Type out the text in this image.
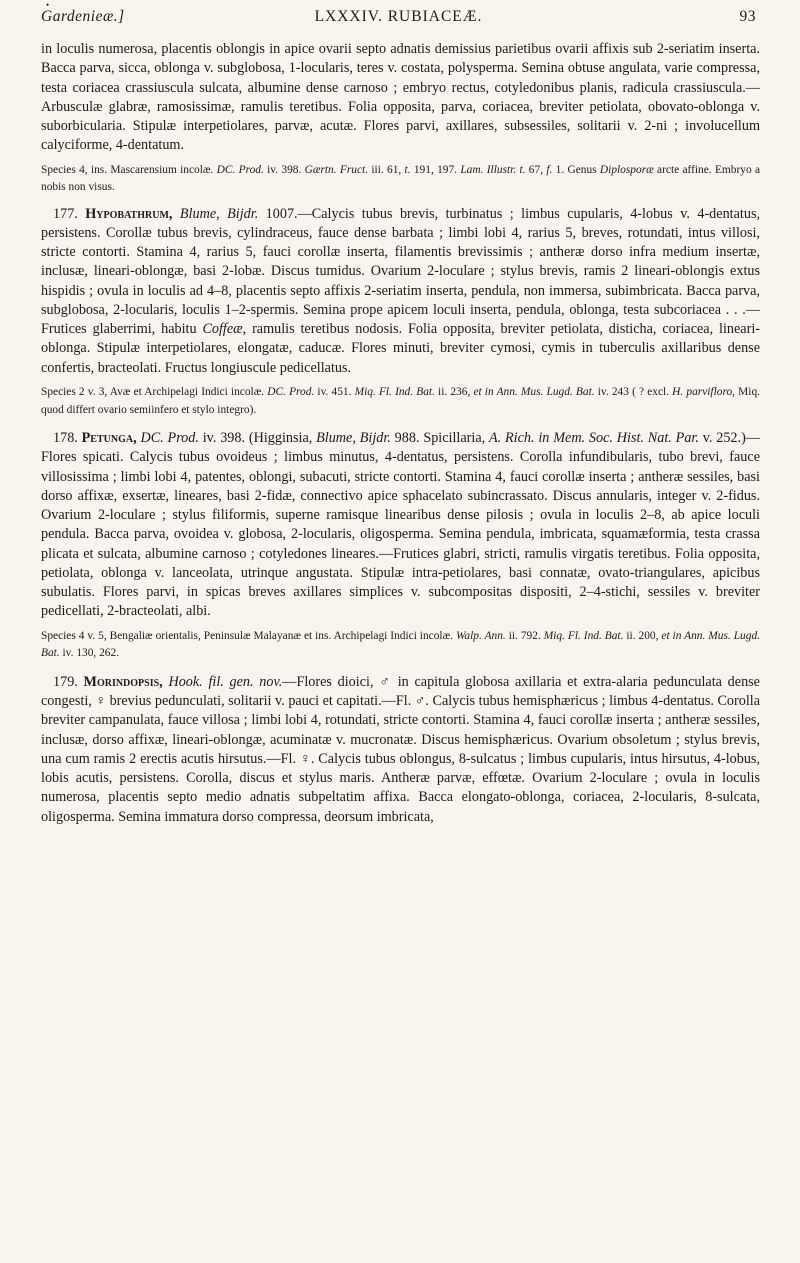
•
Gardenieæ.]	LXXXIV. RUBIACEÆ.	93

in loculis numerosa, placentis oblongis in apice ovarii septo adnatis demissius parietibus ovarii affixis sub 2-seriatim inserta. Bacca parva, sicca, oblonga v. subglobosa, 1-locularis, teres v. costata, polysperma. Semina obtuse angulata, varie compressa, testa coriacea crassiuscula sulcata, albumine dense carnoso ; embryo rectus, cotyledonibus planis, radicula crassiuscula.—Arbusculæ glabræ, ramosissimæ, ramulis teretibus. Folia opposita, parva, coriacea, breviter petiolata, obovato-oblonga v. suborbicularia. Stipulæ interpetiolares, parvæ, acutæ. Flores parvi, axillares, subsessiles, solitarii v. 2-ni ; involucellum calyciforme, 4-dentatum.

Species 4, ins. Mascarensium incolæ. DC. Prod. iv. 398. Gærtn. Fruct. iii. 61, t. 191, 197. Lam. Illustr. t. 67, f. 1. Genus Diplosporæ arcte affine. Embryo a nobis non visus.

177. Hypobathrum, Blume, Bijdr. 1007.—Calycis tubus brevis, turbinatus ; limbus cupularis, 4-lobus v. 4-dentatus, persistens. Corollæ tubus brevis, cylindraceus, fauce dense barbata ; limbi lobi 4, rarius 5, breves, rotundati, intus villosi, stricte contorti. Stamina 4, rarius 5, fauci corollæ inserta, filamentis brevissimis ; antheræ dorso infra medium insertæ, inclusæ, lineari-oblongæ, basi 2-lobæ. Discus tumidus. Ovarium 2-loculare ; stylus brevis, ramis 2 lineari-oblongis extus hispidis ; ovula in loculis ad 4–8, placentis septo affixis 2-seriatim inserta, pendula, non immersa, subimbricata. Bacca parva, subglobosa, 2-locularis, loculis 1–2-spermis. Semina prope apicem loculi inserta, pendula, oblonga, testa subcoriacea . . .—Frutices glaberrimi, habitu Coffeæ, ramulis teretibus nodosis. Folia opposita, breviter petiolata, disticha, coriacea, lineari-oblonga. Stipulæ interpetiolares, elongatæ, caducæ. Flores minuti, breviter cymosi, cymis in tuberculis axillaribus dense confertis, bracteolati. Fructus longiuscule pedicellatus.

Species 2 v. 3, Avæ et Archipelagi Indici incolæ. DC. Prod. iv. 451. Miq. Fl. Ind. Bat. ii. 236, et in Ann. Mus. Lugd. Bat. iv. 243 ( ? excl. H. parvifloro, Miq. quod differt ovario semiinfero et stylo integro).

178. Petunga, DC. Prod. iv. 398. (Higginsia, Blume, Bijdr. 988. Spicillaria, A. Rich. in Mem. Soc. Hist. Nat. Par. v. 252.)—Flores spicati. Calycis tubus ovoideus ; limbus minutus, 4-dentatus, persistens. Corolla infundibularis, tubo brevi, fauce villosissima ; limbi lobi 4, patentes, oblongi, subacuti, stricte contorti. Stamina 4, fauci corollæ inserta ; antheræ sessiles, basi dorso affixæ, exsertæ, lineares, basi 2-fidæ, connectivo apice sphacelato subincrassato. Discus annularis, integer v. 2-fidus. Ovarium 2-loculare ; stylus filiformis, superne ramisque linearibus dense pilosis ; ovula in loculis 2–8, ab apice loculi pendula. Bacca parva, ovoidea v. globosa, 2-locularis, oligosperma. Semina pendula, imbricata, squamæformia, testa crassa plicata et sulcata, albumine carnoso ; cotyledones lineares.—Frutices glabri, stricti, ramulis virgatis teretibus. Folia opposita, petiolata, oblonga v. lanceolata, utrinque angustata. Stipulæ intra-petiolares, basi connatæ, ovato-triangulares, apicibus subulatis. Flores parvi, in spicas breves axillares simplices v. subcompositas dispositi, 2–4-stichi, sessiles v. breviter pedicellati, 2-bracteolati, albi.

Species 4 v. 5, Bengaliæ orientalis, Peninsulæ Malayanæ et ins. Archipelagi Indici incolæ. Walp. Ann. ii. 792. Miq. Fl. Ind. Bat. ii. 200, et in Ann. Mus. Lugd. Bat. iv. 130, 262.

179. Morindopsis, Hook. fil. gen. nov.—Flores dioici, ♂ in capitula globosa axillaria et extra-alaria pedunculata dense congesti, ♀ brevius pedunculati, solitarii v. pauci et capitati.—Fl. ♂. Calycis tubus hemisphæricus ; limbus 4-dentatus. Corolla breviter campanulata, fauce villosa ; limbi lobi 4, rotundati, stricte contorti. Stamina 4, fauci corollæ inserta ; antheræ sessiles, inclusæ, dorso affixæ, lineari-oblongæ, acuminatæ v. mucronatæ. Discus hemisphæricus. Ovarium obsoletum ; stylus brevis, una cum ramis 2 erectis acutis hirsutus.—Fl. ♀. Calycis tubus oblongus, 8-sulcatus ; limbus cupularis, intus hirsutus, 4-lobus, lobis acutis, persistens. Corolla, discus et stylus maris. Antheræ parvæ, effœtæ. Ovarium 2-loculare ; ovula in loculis numerosa, placentis septo medio adnatis subpeltatim affixa. Bacca elongato-oblonga, coriacea, 2-locularis, 8-sulcata, oligosperma. Semina immatura dorso compressa, deorsum imbricata,
